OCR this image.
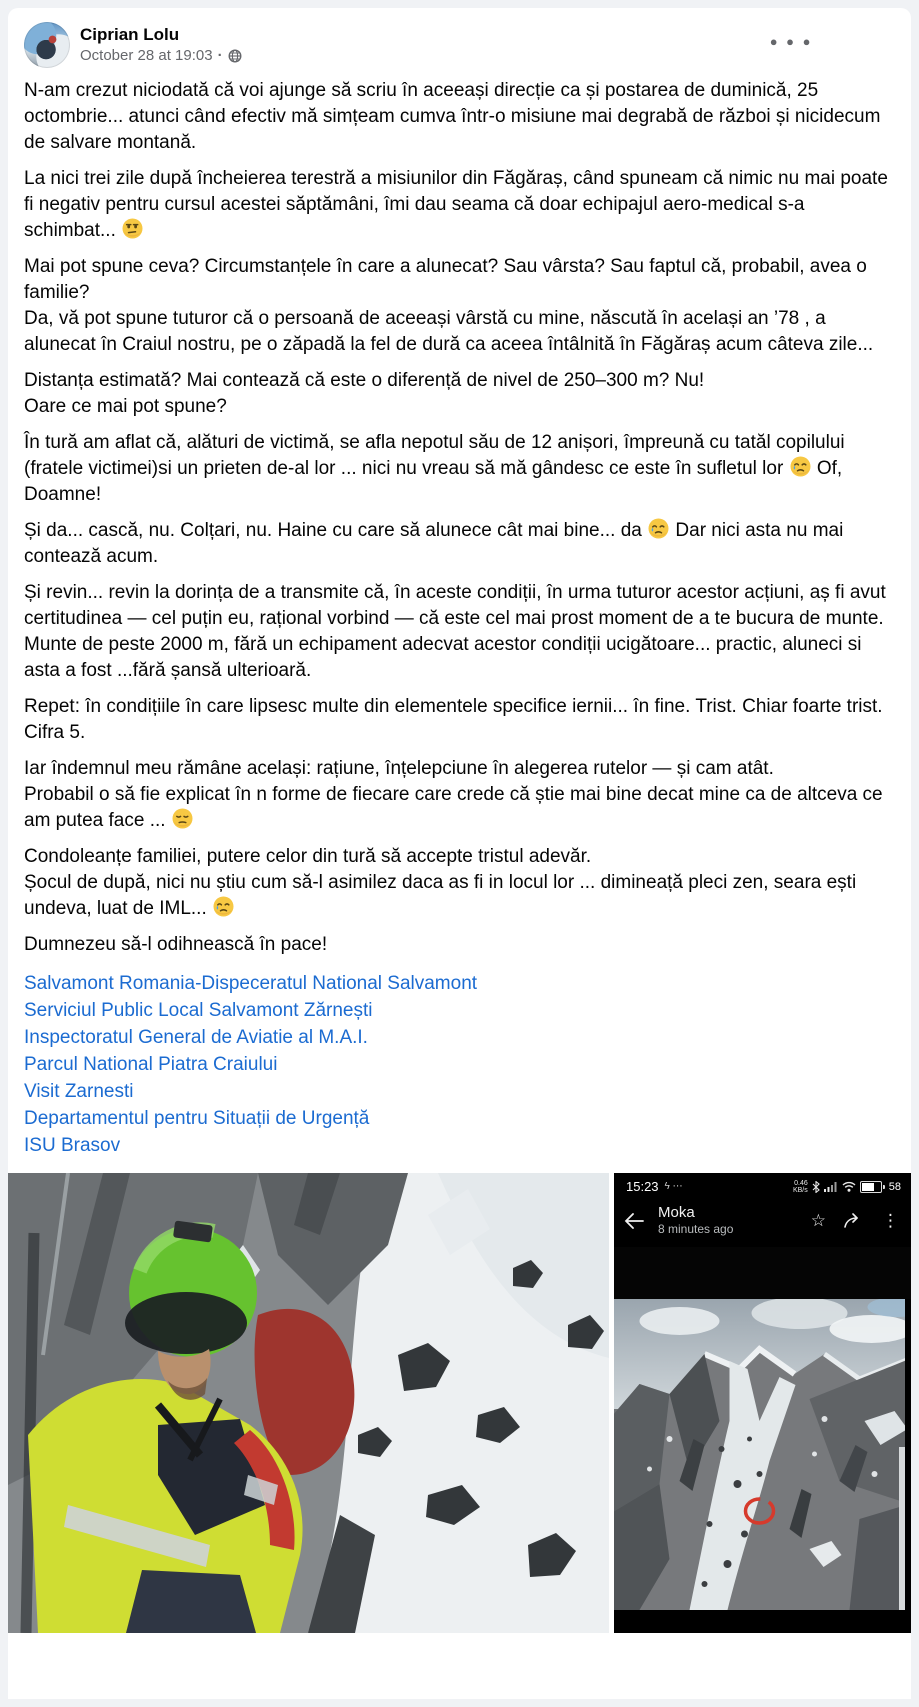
Ciprian Lolu
October 28 at 19:03 ·
● ● ●
N-am crezut niciodată că voi ajunge să scriu în aceeași direcție ca și postarea de duminică, 25 octombrie... atunci când efectiv mă simțeam cumva într-o misiune mai degrabă de război și nicidecum de salvare montană.
La nici trei zile după încheierea terestră a misiunilor din Făgăraș, când spuneam că nimic nu mai poate fi negativ pentru cursul acestei săptămâni, îmi dau seama că doar echipajul aero-medical s-a schimbat...
Mai pot spune ceva? Circumstanțele în care a alunecat? Sau vârsta? Sau faptul că, probabil, avea o familie?
Da, vă pot spune tuturor că o persoană de aceeași vârstă cu mine, născută în același an ’78 , a alunecat în Craiul nostru, pe o zăpadă la fel de dură ca aceea întâlnită în Făgăraș acum câteva zile...
Distanța estimată? Mai contează că este o diferență de nivel de 250–300 m? Nu!
Oare ce mai pot spune?
În tură am aflat că, alături de victimă, se afla nepotul său de 12 anișori, împreună cu tatăl copilului (fratele victimei)si un prieten de-al lor ... nici nu vreau să mă gândesc ce este în sufletul lor
Of, Doamne!
Și da... cască, nu. Colțari, nu. Haine cu care să alunece cât mai bine... da
Dar nici asta nu mai contează acum.
Și revin... revin la dorința de a transmite că, în aceste condiții, în urma tuturor acestor acțiuni, aș fi avut certitudinea — cel puțin eu, rațional vorbind — că este cel mai prost moment de a te bucura de munte.
Munte de peste 2000 m, fără un echipament adecvat acestor condiții ucigătoare... practic, aluneci si asta a fost ...fără șansă ulterioară.
Repet: în condițiile în care lipsesc multe din elementele specifice iernii... în fine. Trist. Chiar foarte trist.
Cifra 5.
Iar îndemnul meu rămâne același: rațiune, înțelepciune în alegerea rutelor — și cam atât.
Probabil o să fie explicat în n forme de fiecare care crede că știe mai bine decat mine ca de altceva ce am putea face ...
Condoleanțe familiei, putere celor din tură să accepte tristul adevăr.
Șocul de după, nici nu știu cum să-l asimilez daca as fi in locul lor ... dimineață pleci zen, seara ești undeva, luat de IML...
Dumnezeu să-l odihnească în pace!
Salvamont Romania-Dispeceratul National Salvamont
Serviciul Public Local Salvamont Zărnești
Inspectoratul General de Aviatie al M.A.I.
Parcul National Piatra Craiului
Visit Zarnesti
Departamentul pentru Situații de Urgență
ISU Brasov
15:23 ϟ ⋯	0.46
KB/s	58
Moka
8 minutes ago	☆	⋮
